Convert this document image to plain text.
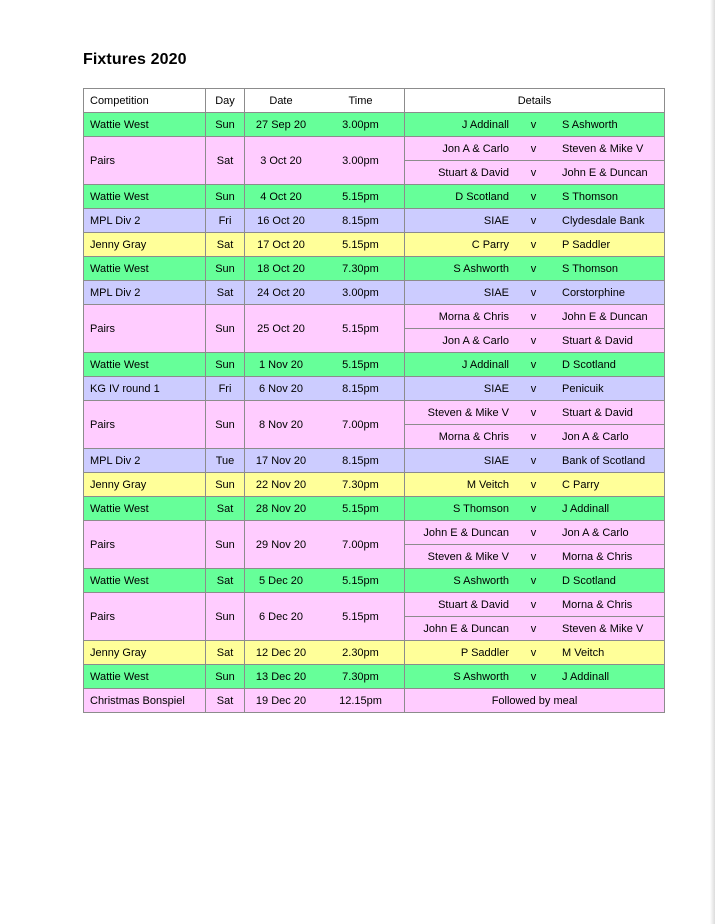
Fixtures 2020
Competition	Day	Date	Time	Details		
Wattie West	Sun	27 Sep 20	3.00pm	J Addinall	v	S Ashworth
Pairs	Sat	3 Oct 20	3.00pm	Jon A & Carlo	v	Steven & Mike V
				Stuart & David	v	John E & Duncan
Wattie West	Sun	4 Oct 20	5.15pm	D Scotland	v	S Thomson
MPL Div 2	Fri	16 Oct 20	8.15pm	SIAE	v	Clydesdale Bank
Jenny Gray	Sat	17 Oct 20	5.15pm	C Parry	v	P Saddler
Wattie West	Sun	18 Oct 20	7.30pm	S Ashworth	v	S Thomson
MPL Div 2	Sat	24 Oct 20	3.00pm	SIAE	v	Corstorphine
Pairs	Sun	25 Oct 20	5.15pm	Morna & Chris	v	John E & Duncan
				Jon A & Carlo	v	Stuart & David
Wattie West	Sun	1 Nov 20	5.15pm	J Addinall	v	D Scotland
KG IV round 1	Fri	6 Nov 20	8.15pm	SIAE	v	Penicuik
Pairs	Sun	8 Nov 20	7.00pm	Steven & Mike V	v	Stuart & David
				Morna & Chris	v	Jon A & Carlo
MPL Div 2	Tue	17 Nov 20	8.15pm	SIAE	v	Bank of Scotland
Jenny Gray	Sun	22 Nov 20	7.30pm	M Veitch	v	C Parry
Wattie West	Sat	28 Nov 20	5.15pm	S Thomson	v	J Addinall
Pairs	Sun	29 Nov 20	7.00pm	John E & Duncan	v	Jon A & Carlo
				Steven & Mike V	v	Morna & Chris
Wattie West	Sat	5 Dec 20	5.15pm	S Ashworth	v	D Scotland
Pairs	Sun	6 Dec 20	5.15pm	Stuart & David	v	Morna & Chris
				John E & Duncan	v	Steven & Mike V
Jenny Gray	Sat	12 Dec 20	2.30pm	P Saddler	v	M Veitch
Wattie West	Sun	13 Dec 20	7.30pm	S Ashworth	v	J Addinall
Christmas Bonspiel	Sat	19 Dec 20	12.15pm	Followed by meal		
